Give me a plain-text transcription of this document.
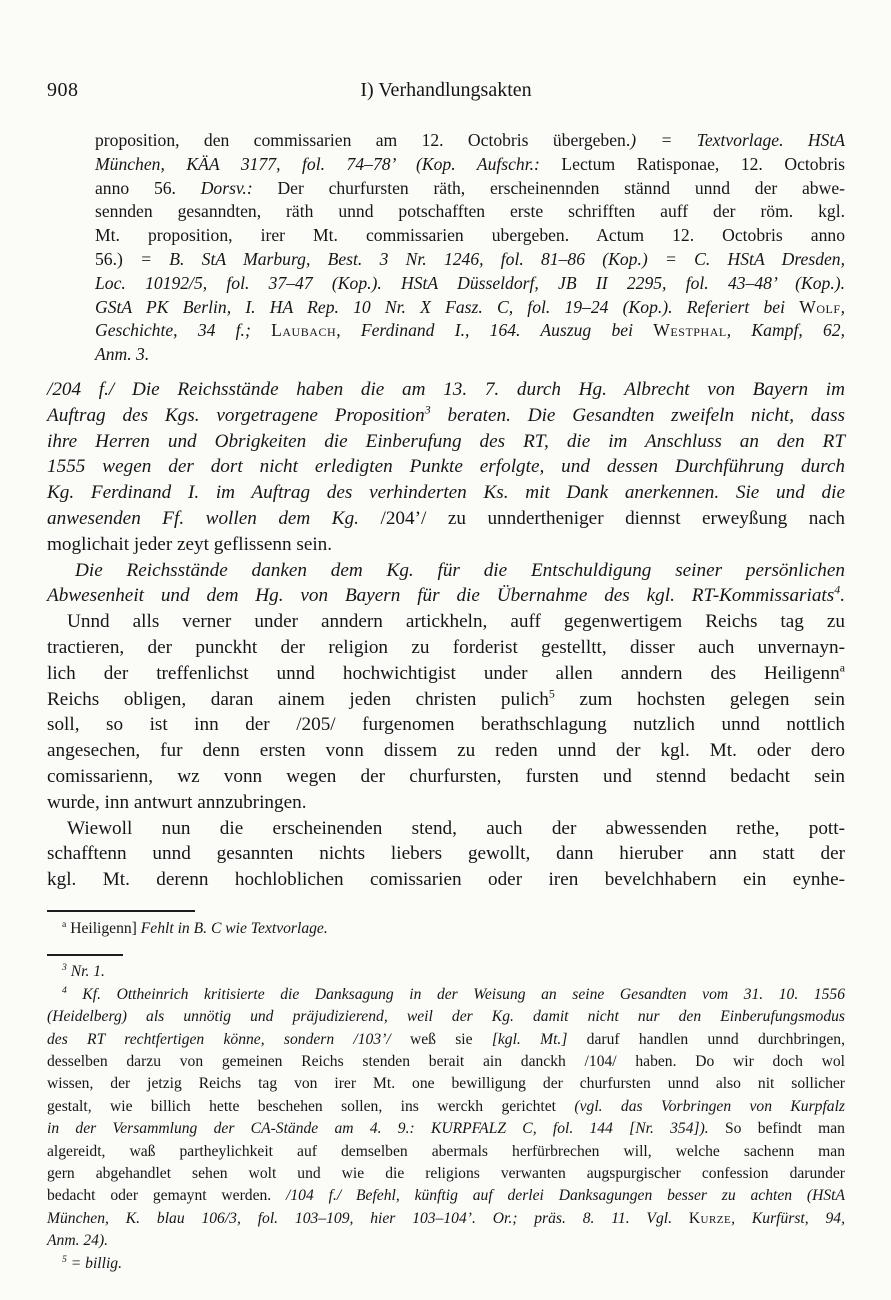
908	I) Verhandlungsakten
proposition, den commissarien am 12. Octobris übergeben.) = Textvorlage. HStA
München, KÄA 3177, fol. 74–78’ (Kop. Aufschr.: Lectum Ratisponae, 12. Octobris
anno 56. Dorsv.: Der churfursten räth, erscheinennden stännd unnd der abwe-
sennden gesanndten, räth unnd potschafften erste schrifften auff der röm. kgl.
Mt. proposition, irer Mt. commissarien ubergeben. Actum 12. Octobris anno
56.) = B. StA Marburg, Best. 3 Nr. 1246, fol. 81–86 (Kop.) = C. HStA Dresden,
Loc. 10192/5, fol. 37–47 (Kop.). HStA Düsseldorf, JB II 2295, fol. 43–48’ (Kop.).
GStA PK Berlin, I. HA Rep. 10 Nr. X Fasz. C, fol. 19–24 (Kop.). Referiert bei Wolf,
Geschichte, 34 f.; Laubach, Ferdinand I., 164. Auszug bei Westphal, Kampf, 62,
Anm. 3.
/204 f./ Die Reichsstände haben die am 13. 7. durch Hg. Albrecht von Bayern im
Auftrag des Kgs. vorgetragene Proposition$^3$ beraten. Die Gesandten zweifeln nicht, dass
ihre Herren und Obrigkeiten die Einberufung des RT, die im Anschluss an den RT
1555 wegen der dort nicht erledigten Punkte erfolgte, und dessen Durchführung durch
Kg. Ferdinand I. im Auftrag des verhinderten Ks. mit Dank anerkennen. Sie und die
anwesenden Ff. wollen dem Kg. /204’/ zu unndertheniger diennst erweyßung nach
moglichait jeder zeyt geflissenn sein.
Die Reichsstände danken dem Kg. für die Entschuldigung seiner persönlichen
Abwesenheit und dem Hg. von Bayern für die Übernahme des kgl. RT-Kommissariats$^4$.
Unnd alls verner under anndern artickheln, auff gegenwertigem Reichs tag zu
tractieren, der punckht der religion zu forderist gestelltt, disser auch unvernayn-
lich der treffenlichst unnd hochwichtigist under allen anndern des Heiligenn$^a$
Reichs obligen, daran ainem jeden christen pulich$^5$ zum hochsten gelegen sein
soll, so ist inn der /205/ furgenomen berathschlagung nutzlich unnd nottlich
angesechen, fur denn ersten vonn dissem zu reden unnd der kgl. Mt. oder dero
comissarienn, wz vonn wegen der churfursten, fursten und stennd bedacht sein
wurde, inn antwurt annzubringen.
Wiewoll nun die erscheinenden stend, auch der abwessenden rethe, pott-
schafftenn unnd gesannten nichts liebers gewollt, dann hieruber ann statt der
kgl. Mt. derenn hochloblichen comissarien oder iren bevelchhabern ein eynhe-
$^a$ Heiligenn] Fehlt in B. C wie Textvorlage.
$^3$ Nr. 1.
$^4$ Kf. Ottheinrich kritisierte die Danksagung in der Weisung an seine Gesandten vom 31. 10. 1556
(Heidelberg) als unnötig und präjudizierend, weil der Kg. damit nicht nur den Einberufungsmodus
des RT rechtfertigen könne, sondern /103’/ weß sie [kgl. Mt.] daruf handlen unnd durchbringen,
desselben darzu von gemeinen Reichs stenden berait ain danckh /104/ haben. Do wir doch wol
wissen, der jetzig Reichs tag von irer Mt. one bewilligung der churfursten unnd also nit sollicher
gestalt, wie billich hette beschehen sollen, ins werckh gerichtet (vgl. das Vorbringen von Kurpfalz
in der Versammlung der CA-Stände am 4. 9.: KURPFALZ C, fol. 144 [Nr. 354]). So befindt man
algereidt, waß partheylichkeit auf demselben abermals herfürbrechen will, welche sachenn man
gern abgehandlet sehen wolt und wie die religions verwanten augspurgischer confession darunder
bedacht oder gemaynt werden. /104 f./ Befehl, künftig auf derlei Danksagungen besser zu achten (HStA
München, K. blau 106/3, fol. 103–109, hier 103–104’. Or.; präs. 8. 11. Vgl. Kurze, Kurfürst, 94,
Anm. 24).
$^5$ = billig.
